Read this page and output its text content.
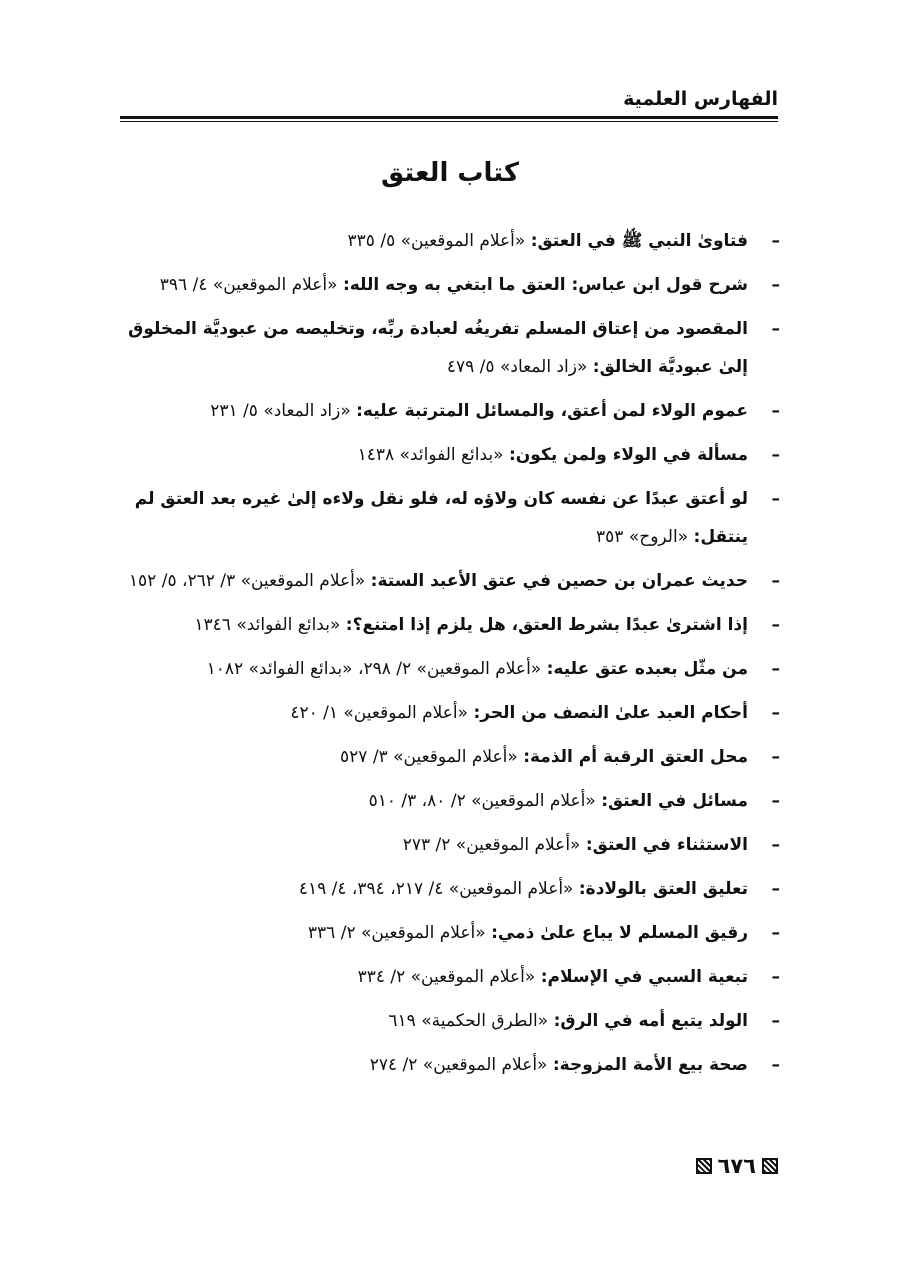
الفهارس العلمية
كتاب العتق
–
فتاوىٰ النبي ﷺ في العتق: «أعلام الموقعين» ٥/ ٣٣٥
–
شرح قول ابن عباس: العتق ما ابتغي به وجه الله: «أعلام الموقعين» ٤/ ٣٩٦
–
المقصود من إعتاق المسلم تفريغُه لعبادة ربِّه، وتخليصه من عبوديَّة المخلوق إلىٰ عبوديَّة الخالق: «زاد المعاد» ٥/ ٤٧٩
–
عموم الولاء لمن أعتق، والمسائل المترتبة عليه: «زاد المعاد» ٥/ ٢٣١
–
مسألة في الولاء ولمن يكون: «بدائع الفوائد» ١٤٣٨
–
لو أعتق عبدًا عن نفسه كان ولاؤه له، فلو نقل ولاءه إلىٰ غيره بعد العتق لم ينتقل: «الروح» ٣٥٣
–
حديث عمران بن حصين في عتق الأعبد الستة: «أعلام الموقعين» ٣/ ٢٦٢، ٥/ ١٥٢
–
إذا اشترىٰ عبدًا بشرط العتق، هل يلزم إذا امتنع؟: «بدائع الفوائد» ١٣٤٦
–
من مثّل بعبده عتق عليه: «أعلام الموقعين» ٢/ ٢٩٨، «بدائع الفوائد» ١٠٨٢
–
أحكام العبد علىٰ النصف من الحر: «أعلام الموقعين» ١/ ٤٢٠
–
محل العتق الرقبة أم الذمة: «أعلام الموقعين» ٣/ ٥٢٧
–
مسائل في العتق: «أعلام الموقعين» ٢/ ٨٠، ٣/ ٥١٠
–
الاستثناء في العتق: «أعلام الموقعين» ٢/ ٢٧٣
–
تعليق العتق بالولادة: «أعلام الموقعين» ٤/ ٢١٧، ٣٩٤، ٤/ ٤١٩
–
رقيق المسلم لا يباع علىٰ ذمي: «أعلام الموقعين» ٢/ ٣٣٦
–
تبعية السبي في الإسلام: «أعلام الموقعين» ٢/ ٣٣٤
–
الولد يتبع أمه في الرق: «الطرق الحكمية» ٦١٩
–
صحة بيع الأمة المزوجة: «أعلام الموقعين» ٢/ ٢٧٤
٦٧٦
